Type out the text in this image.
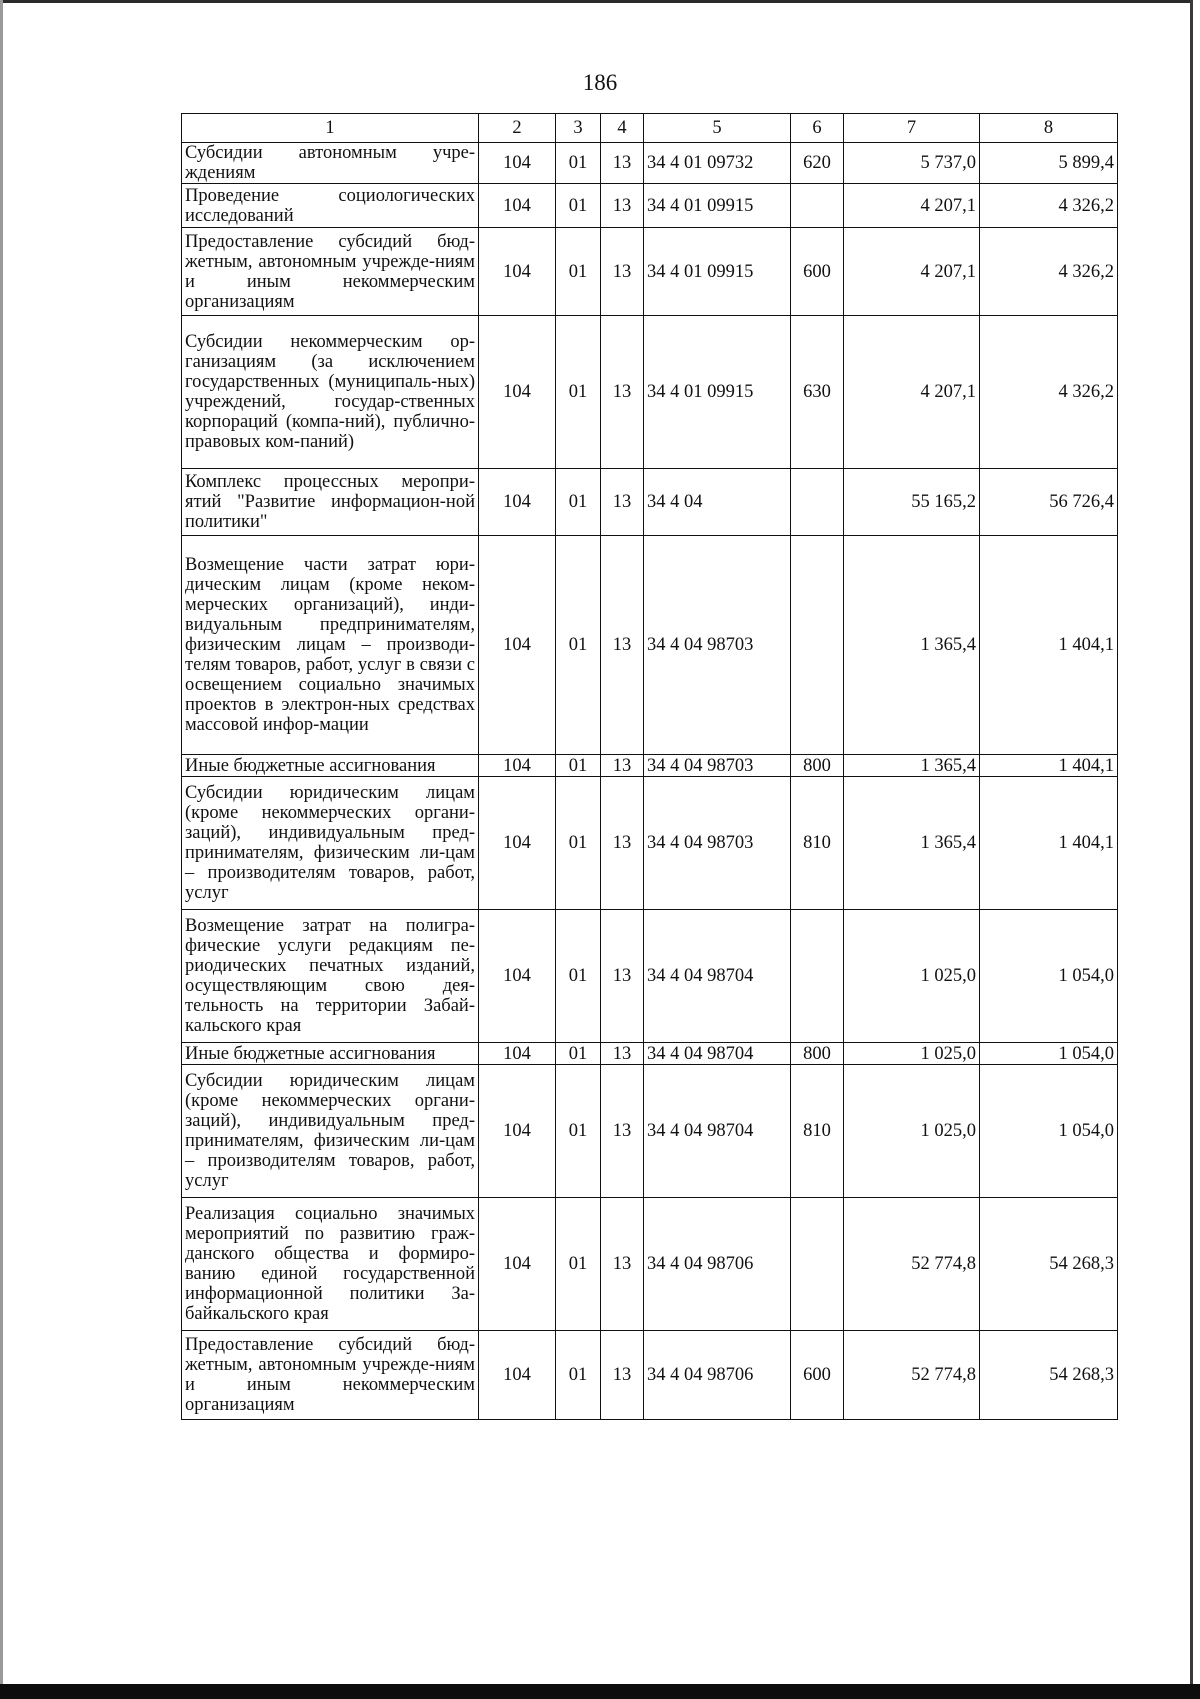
186
1	2	3	4	5	6	7	8
Субсидии автономным учре-ждениям	104	01	13	34 4 01 09732	620	5 737,0	5 899,4
Проведение социологических исследований	104	01	13	34 4 01 09915		4 207,1	4 326,2
Предоставление субсидий бюд-жетным, автономным учрежде-ниям и иным некоммерческим организациям	104	01	13	34 4 01 09915	600	4 207,1	4 326,2
Субсидии некоммерческим ор-ганизациям (за исключением государственных (муниципаль-ных) учреждений, государ-ственных корпораций (компа-ний), публично-правовых ком-паний)	104	01	13	34 4 01 09915	630	4 207,1	4 326,2
Комплекс процессных меропри-ятий "Развитие информацион-ной политики"	104	01	13	34 4 04		55 165,2	56 726,4
Возмещение части затрат юри-дическим лицам (кроме неком-мерческих организаций), инди-видуальным предпринимателям, физическим лицам – производи-телям товаров, работ, услуг в связи с освещением социально значимых проектов в электрон-ных средствах массовой инфор-мации	104	01	13	34 4 04 98703		1 365,4	1 404,1
Иные бюджетные ассигнования	104	01	13	34 4 04 98703	800	1 365,4	1 404,1
Субсидии юридическим лицам (кроме некоммерческих органи-заций), индивидуальным пред-принимателям, физическим ли-цам – производителям товаров, работ, услуг	104	01	13	34 4 04 98703	810	1 365,4	1 404,1
Возмещение затрат на полигра-фические услуги редакциям пе-риодических печатных изданий, осуществляющим свою дея-тельность на территории Забай-кальского края	104	01	13	34 4 04 98704		1 025,0	1 054,0
Иные бюджетные ассигнования	104	01	13	34 4 04 98704	800	1 025,0	1 054,0
Субсидии юридическим лицам (кроме некоммерческих органи-заций), индивидуальным пред-принимателям, физическим ли-цам – производителям товаров, работ, услуг	104	01	13	34 4 04 98704	810	1 025,0	1 054,0
Реализация социально значимых мероприятий по развитию граж-данского общества и формиро-ванию единой государственной информационной политики За-байкальского края	104	01	13	34 4 04 98706		52 774,8	54 268,3
Предоставление субсидий бюд-жетным, автономным учрежде-ниям и иным некоммерческим организациям	104	01	13	34 4 04 98706	600	52 774,8	54 268,3
